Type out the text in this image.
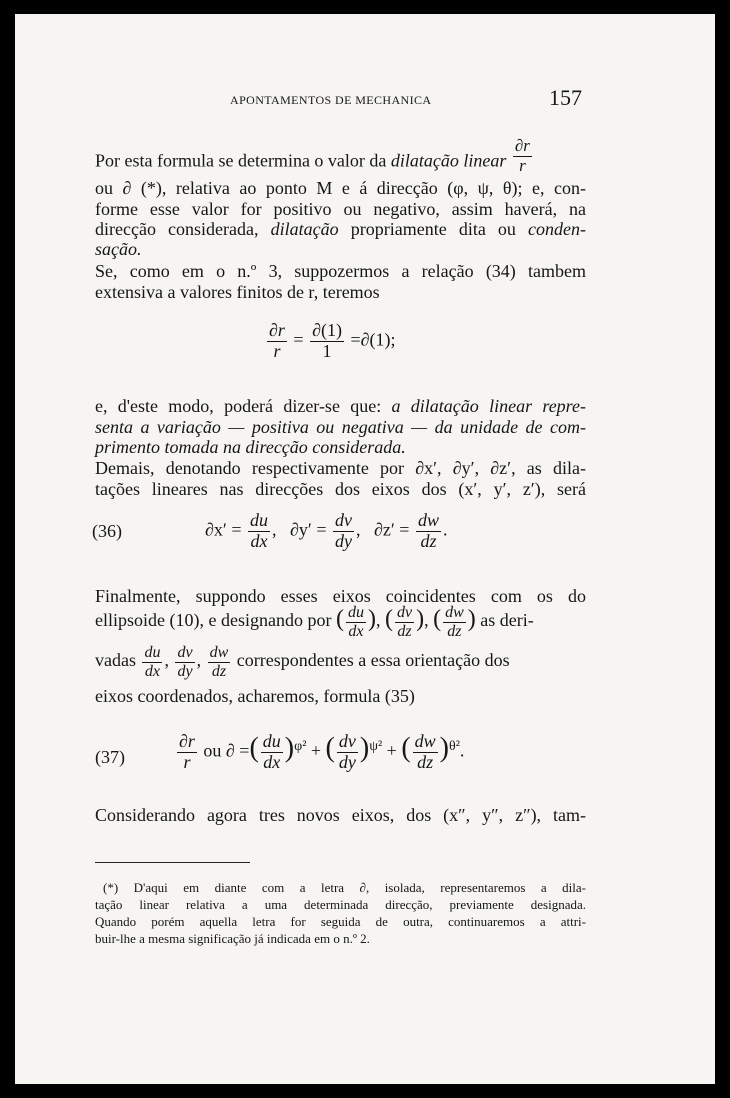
APONTAMENTOS DE MECHANICA	157
Por esta formula se determina o valor da dilatação linear $\frac{\partial r}{r}$
ou ∂ (*), relativa ao ponto M e á direcção (φ, ψ, θ); e, con-
forme esse valor for positivo ou negativo, assim haverá, na
direcção considerada, dilatação propriamente dita ou conden-
sação.
Se, como em o n.º 3, suppozermos a relação (34) tambem
extensiva a valores finitos de r, teremos
$\frac{\partial r}{r} = \frac{\partial(1)}{1} =\partial(1)$;
e, d'este modo, poderá dizer-se que: a dilatação linear repre-
senta a variação — positiva ou negativa — da unidade de com-
primento tomada na direcção considerada.
Demais, denotando respectivamente por ∂x′, ∂y′, ∂z′, as dila-
tações lineares nas direcções dos eixos dos (x′, y′, z′), será
(36)	$\partial x' = \frac{du}{dx}$ , $\partial y' = \frac{dv}{dy}$ , $\partial z' = \frac{dw}{dz}$ .
Finalmente, suppondo esses eixos coincidentes com os do
ellipsoide (10), e designando por ( $\frac{du}{dx}$ ), ( $\frac{dv}{dz}$ ), ( $\frac{dw}{dz}$ ) as deri-
vadas $\frac{du}{dx}$ , $\frac{dv}{dy}$ , $\frac{dw}{dz}$ correspondentes a essa orientação dos
eixos coordenados, acharemos, formula (35)
(37)	$\frac{\partial r}{r}$ ou ∂ =( $\frac{du}{dx} )^{\varphi^2}$ + ( $\frac{dv}{dy} )^{\psi^2}$ + ( $\frac{dw}{dz} )^{\theta^2}$.
Considerando agora tres novos eixos, dos (x″, y″, z″), tam-
(*) D'aqui em diante com a letra ∂, isolada, representaremos a dila-
tação linear relativa a uma determinada direcção, previamente designada.
Quando porém aquella letra for seguida de outra, continuaremos a attri-
buir-lhe a mesma significação já indicada em o n.º 2.
